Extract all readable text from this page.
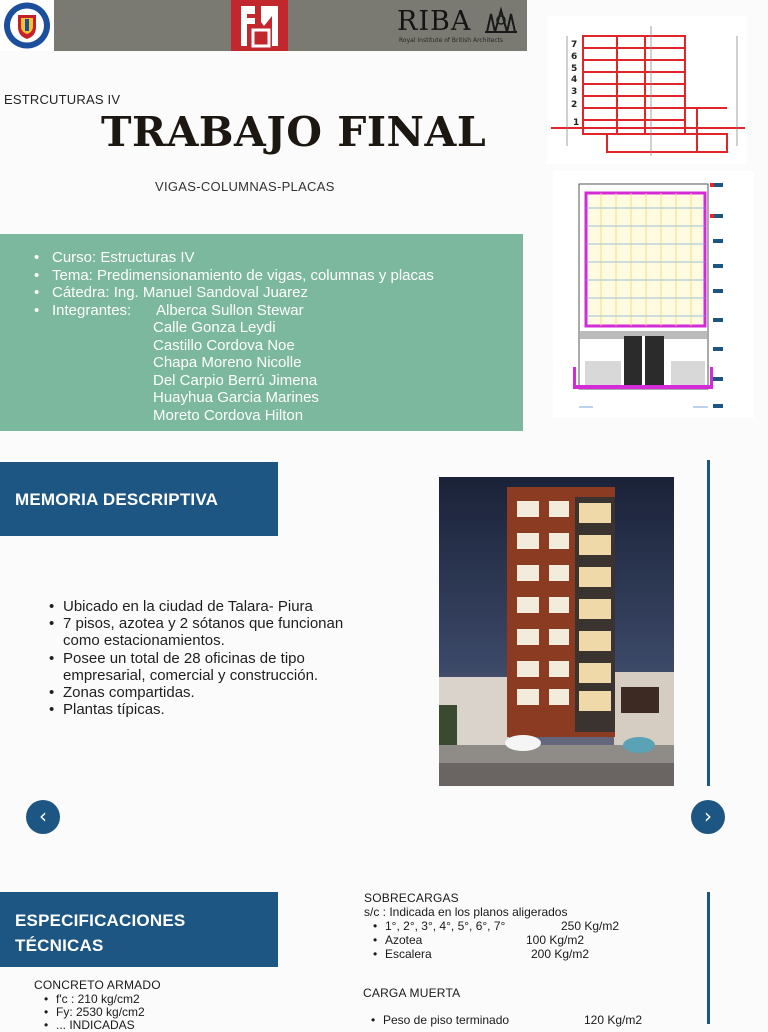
RIBA
Royal Institute of British Architects
ESTRCUTURAS IV
TRABAJO FINAL
VIGAS-COLUMNAS-PLACAS
• Curso: Estructuras IV
• Tema: Predimensionamiento de vigas, columnas y placas
• Cátedra: Ing. Manuel Sandoval Juarez
• Integrantes:	Alberca Sullon Stewar
Calle Gonza Leydi
Castillo Cordova Noe
Chapa Moreno Nicolle
Del Carpio Berrú Jimena
Huayhua Garcia Marines
Moreto Cordova Hilton
7
6
5
4
3
2
1
MEMORIA DESCRIPTIVA
• Ubicado en la ciudad de Talara- Piura
• 7 pisos, azotea y 2 sótanos que funcionan como estacionamientos.
• Posee un total de 28 oficinas de tipo empresarial, comercial y construcción.
• Zonas compartidas.
• Plantas típicas.
‹	›
ESPECIFICACIONES
TÉCNICAS
CONCRETO ARMADO
• f'c : 210 kg/cm2
• Fy: 2530 kg/cm2
• ... INDICADAS
SOBRECARGAS
s/c : Indicada en los planos aligerados
• 1°, 2°, 3°, 4°, 5°, 6°, 7°	250 Kg/m2
• Azotea	100 Kg/m2
• Escalera	200 Kg/m2
CARGA MUERTA
• Peso de piso terminado	120 Kg/m2
